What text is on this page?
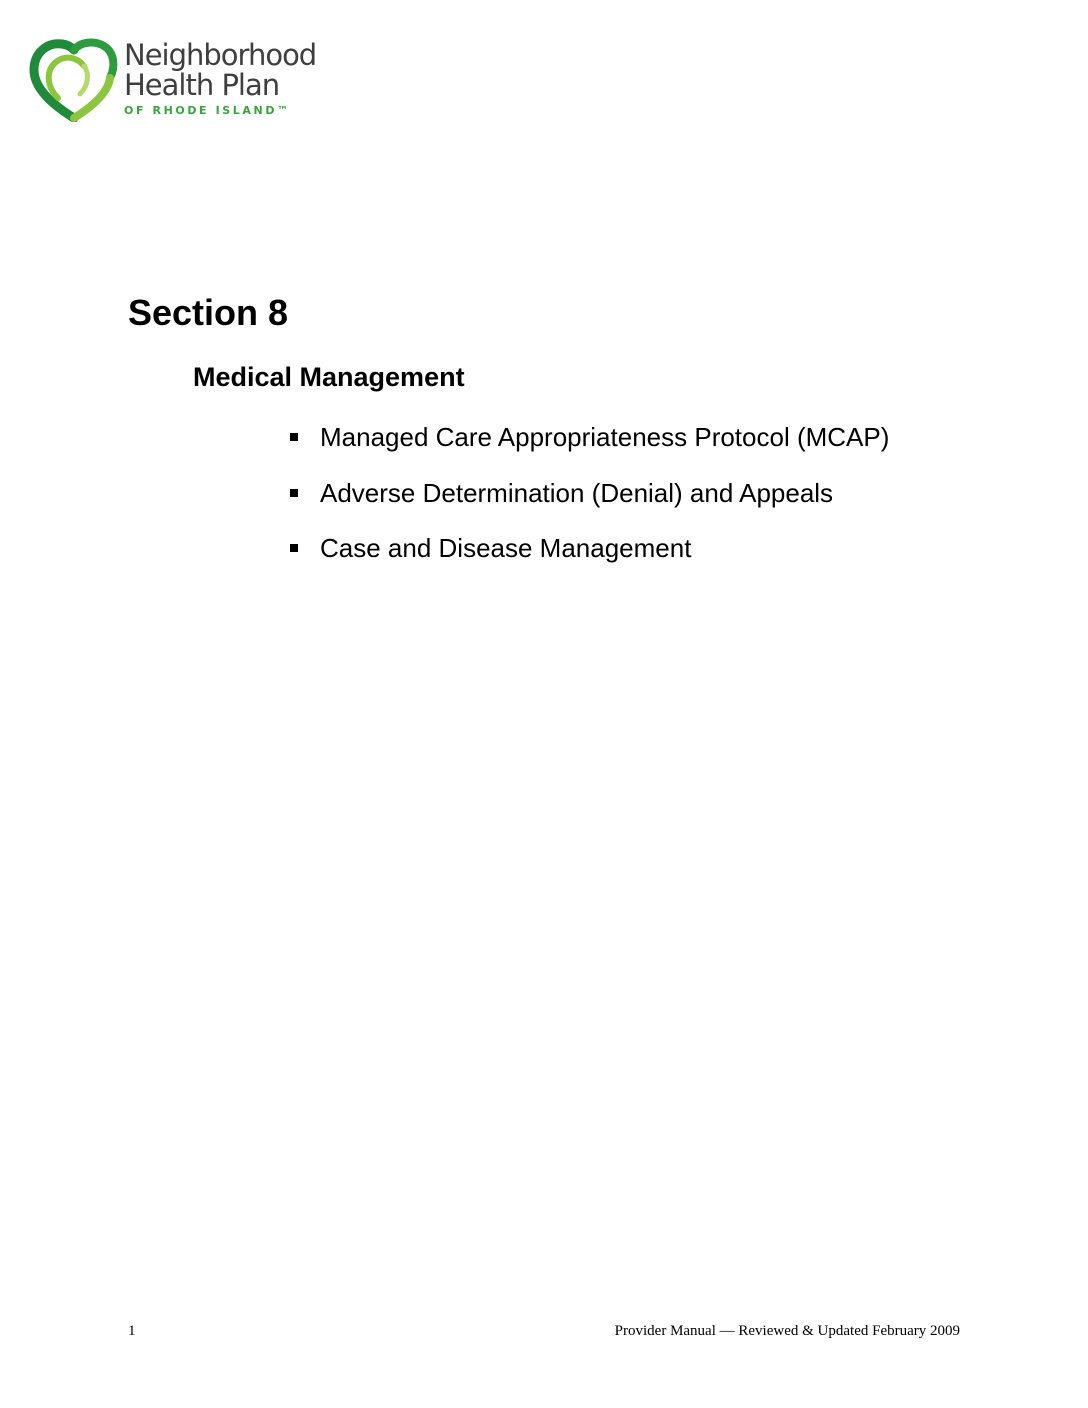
Neighborhood
Health Plan
OF RHODE ISLAND™
Section 8
Medical Management
Managed Care Appropriateness Protocol (MCAP)
Adverse Determination (Denial) and Appeals
Case and Disease Management
1	Provider Manual — Reviewed & Updated February 2009
